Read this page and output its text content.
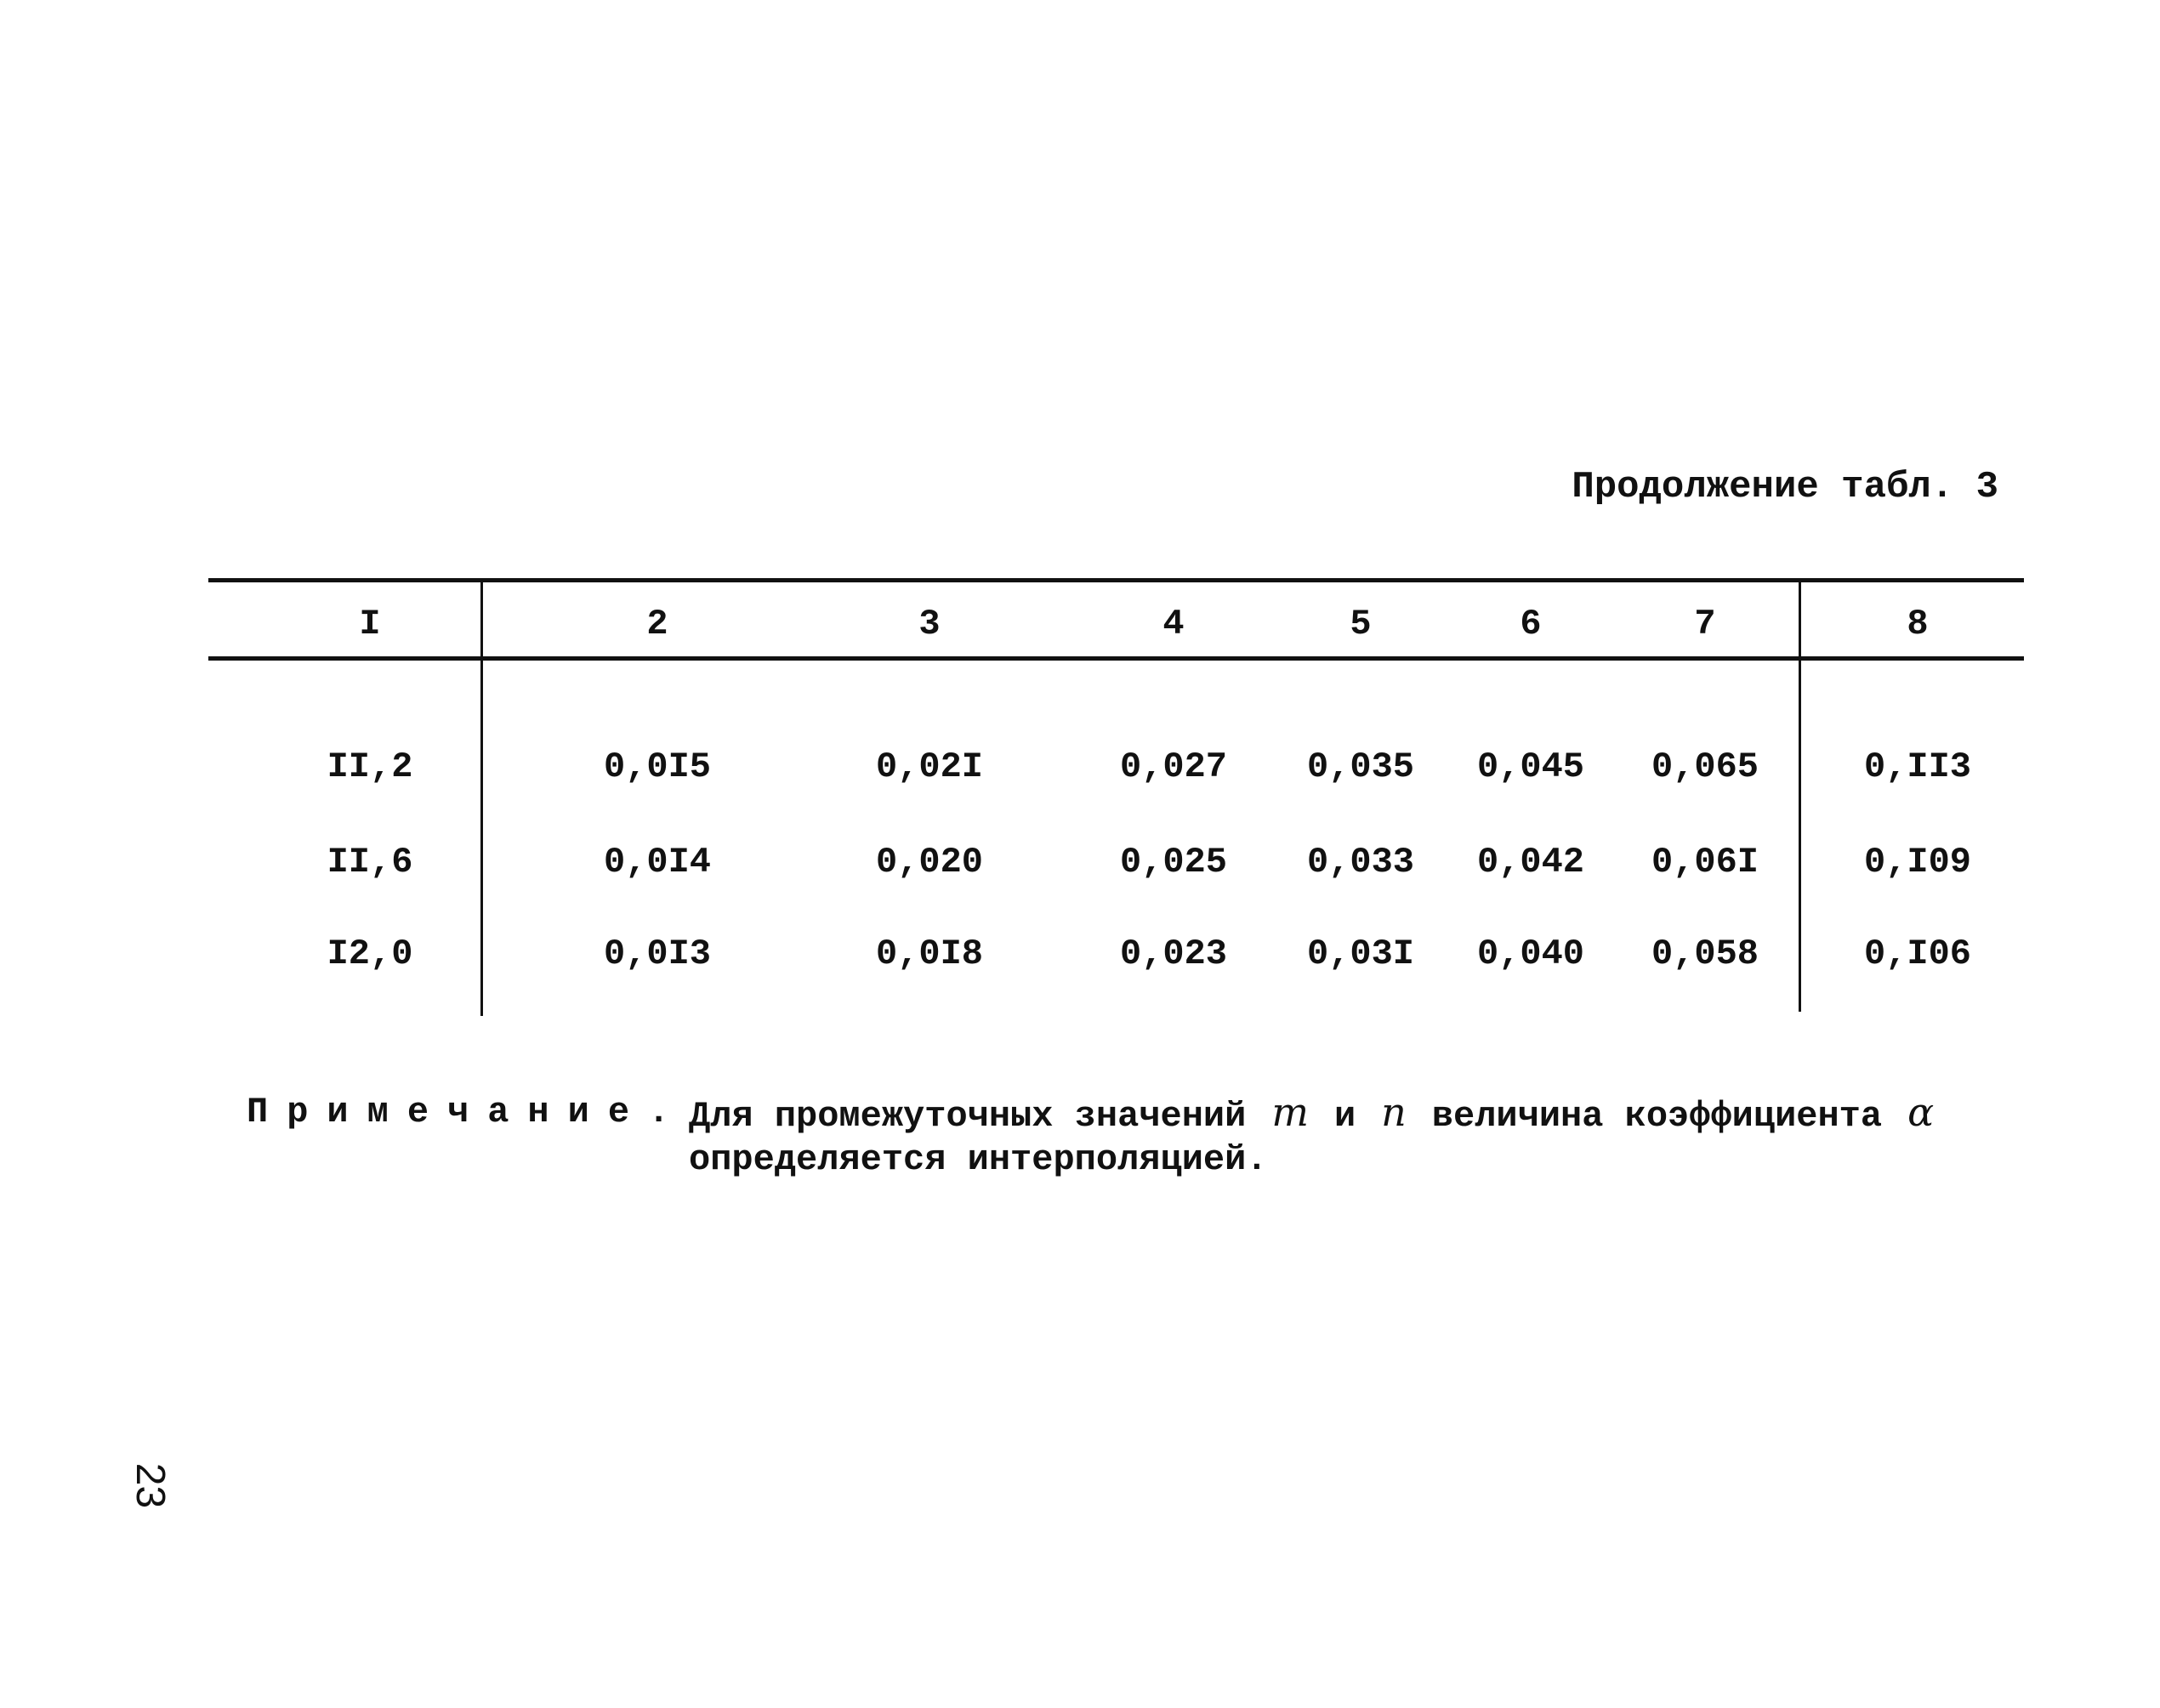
Продолжение табл. 3
I	2	3	4	5	6	7	8
II,2	0,0I5	0,02I	0,027	0,035	0,045	0,065	0,II3
II,6	0,0I4	0,020	0,025	0,033	0,042	0,06I	0,I09
I2,0	0,0I3	0,0I8	0,023	0,03I	0,040	0,058	0,I06
Примечание. Для промежуточных значений m и n величина коэффициента α
определяется интерполяцией.
23
